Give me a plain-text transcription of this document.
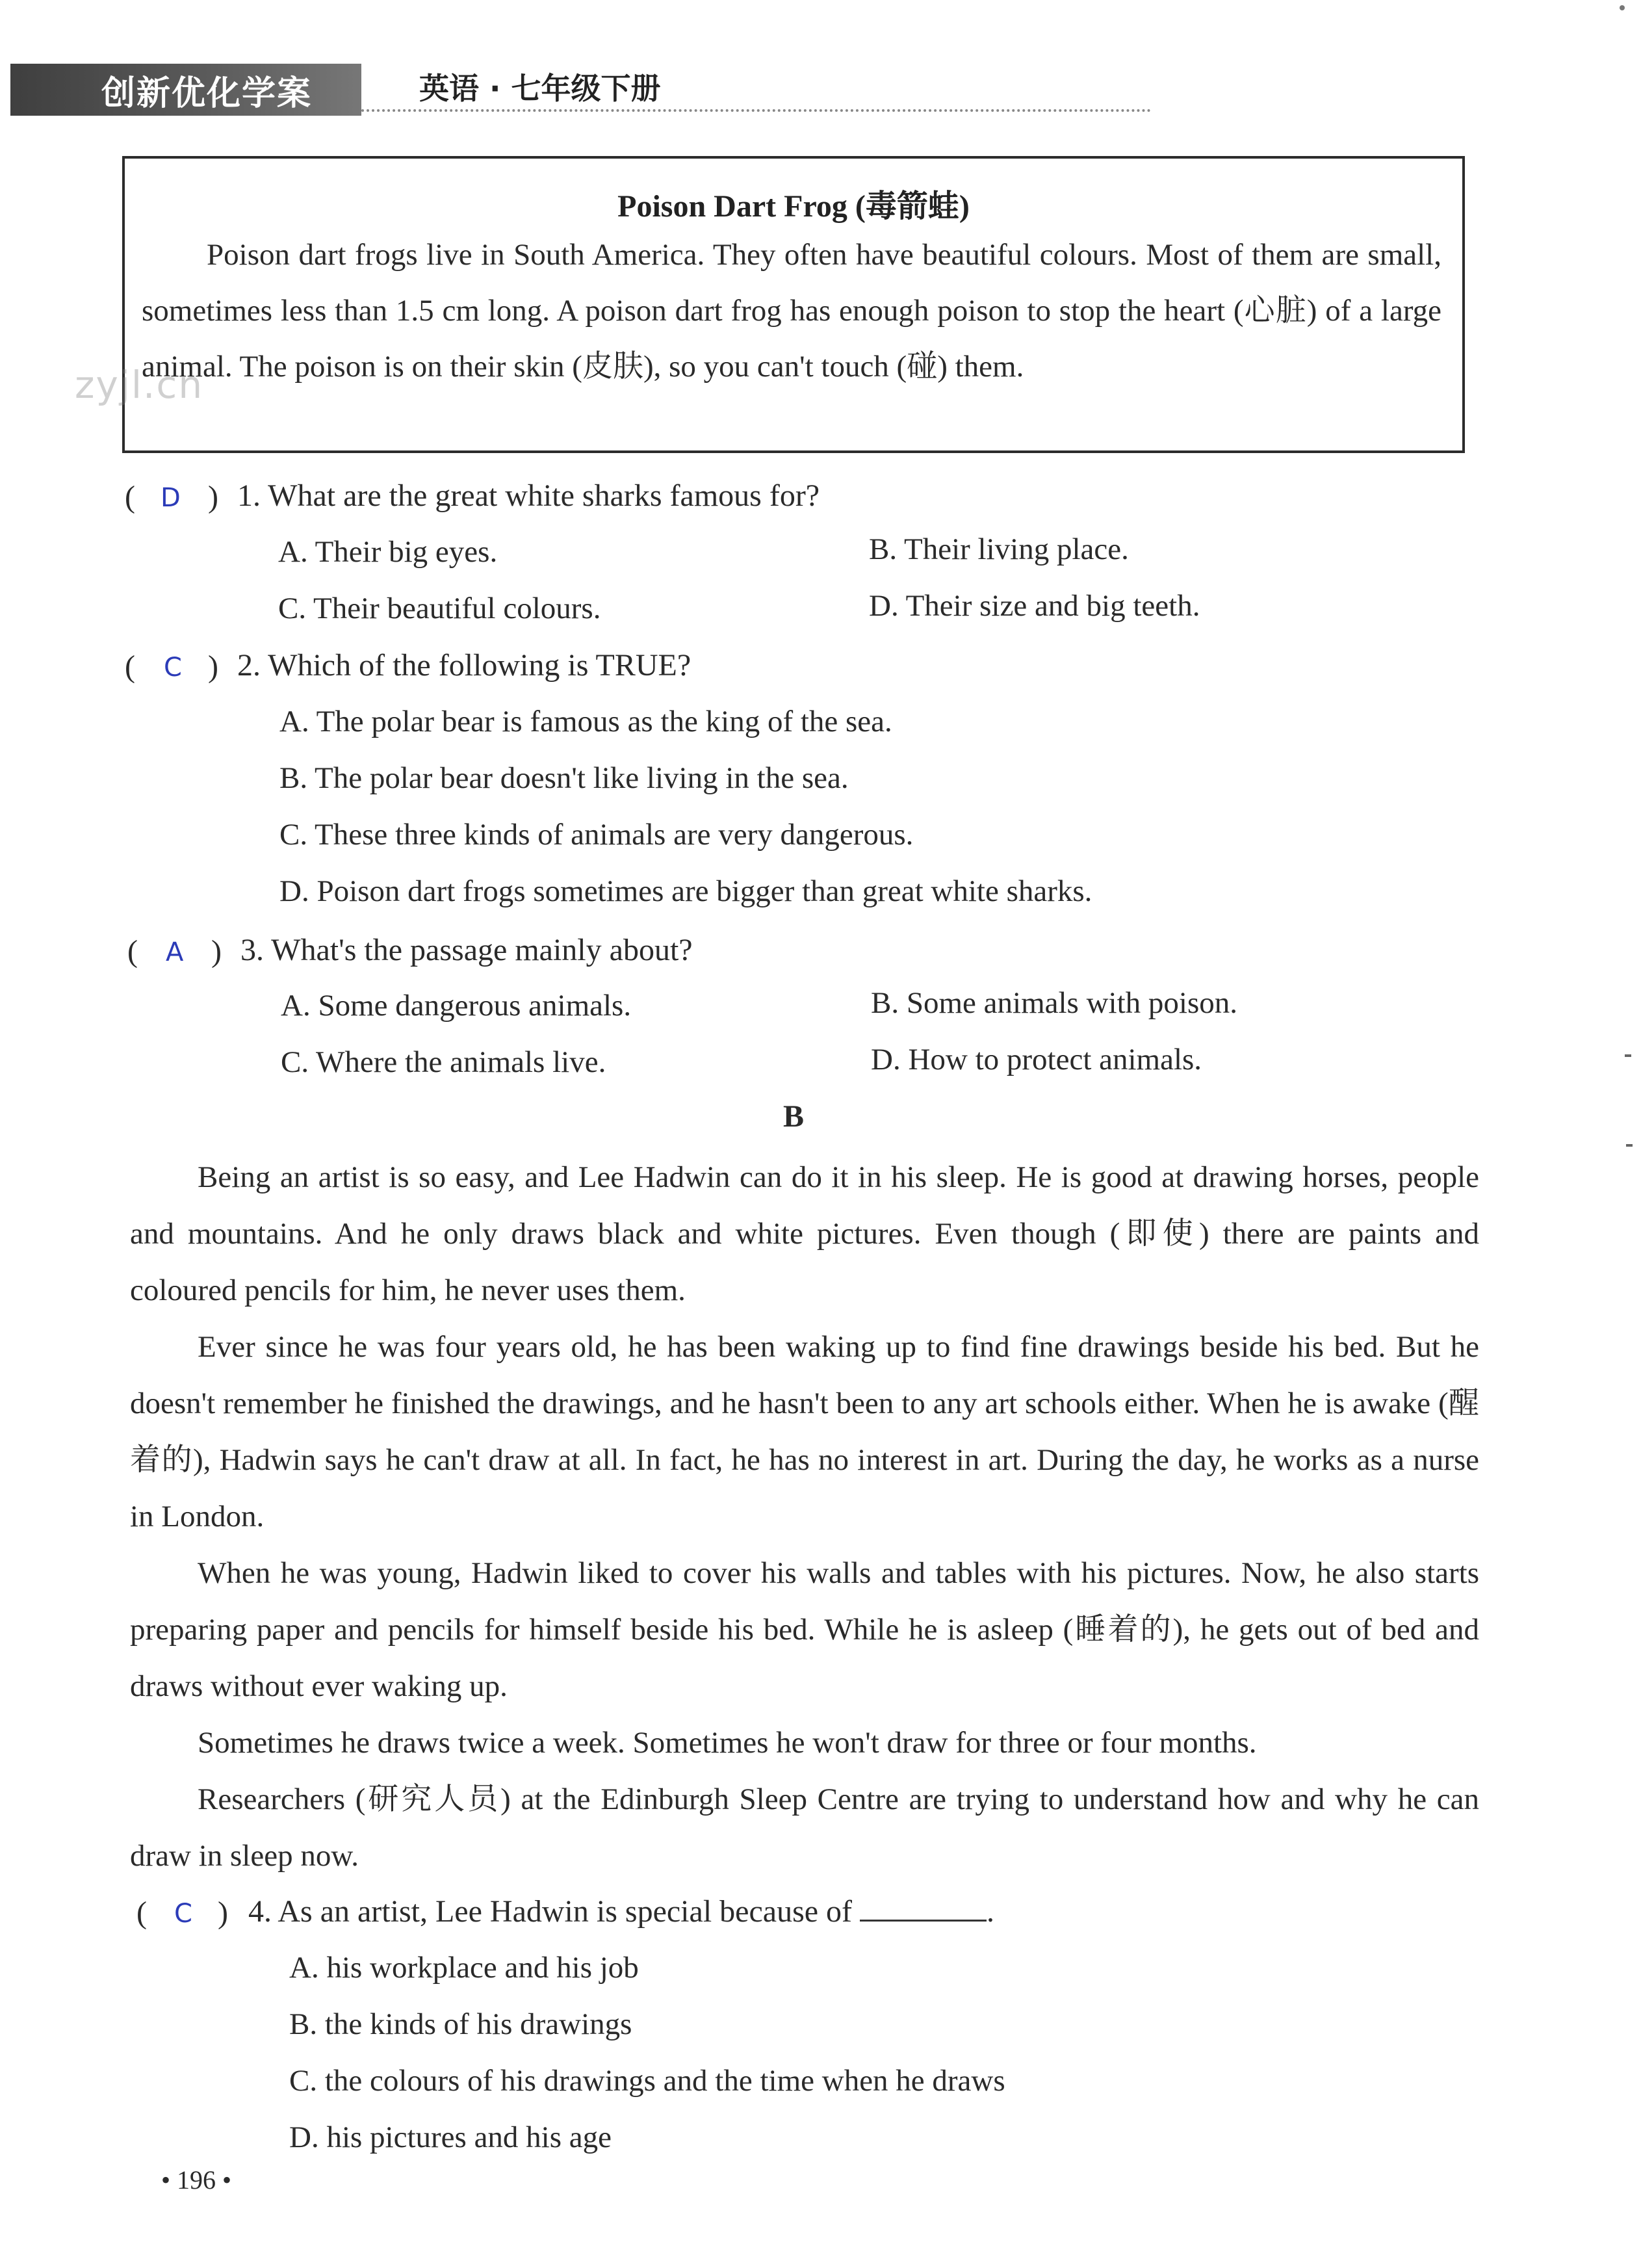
创新优化学案	英语 · 七年级下册
Poison Dart Frog (毒箭蛙)

Poison dart frogs live in South America. They often have beautiful colours. Most of them are small, sometimes less than 1.5 cm long. A poison dart frog has enough poison to stop the heart (心脏) of a large animal. The poison is on their skin (皮肤), so you can't touch (碰) them.

zyjl.cn
( D ) 1. What are the great white sharks famous for?
A. Their big eyes.	B. Their living place.
C. Their beautiful colours.	D. Their size and big teeth.
( C ) 2. Which of the following is TRUE?
A. The polar bear is famous as the king of the sea.
B. The polar bear doesn't like living in the sea.
C. These three kinds of animals are very dangerous.
D. Poison dart frogs sometimes are bigger than great white sharks.
( A ) 3. What's the passage mainly about?
A. Some dangerous animals.	B. Some animals with poison.
C. Where the animals live.	D. How to protect animals.
B

Being an artist is so easy, and Lee Hadwin can do it in his sleep. He is good at drawing horses, people and mountains. And he only draws black and white pictures. Even though (即使) there are paints and coloured pencils for him, he never uses them.

Ever since he was four years old, he has been waking up to find fine drawings beside his bed. But he doesn't remember he finished the drawings, and he hasn't been to any art schools either. When he is awake (醒着的), Hadwin says he can't draw at all. In fact, he has no interest in art. During the day, he works as a nurse in London.

When he was young, Hadwin liked to cover his walls and tables with his pictures. Now, he also starts preparing paper and pencils for himself beside his bed. While he is asleep (睡着的), he gets out of bed and draws without ever waking up.

Sometimes he draws twice a week. Sometimes he won't draw for three or four months.

Researchers (研究人员) at the Edinburgh Sleep Centre are trying to understand how and why he can draw in sleep now.

( C ) 4. As an artist, Lee Hadwin is special because of	.
A. his workplace and his job
B. the kinds of his drawings
C. the colours of his drawings and the time when he draws
D. his pictures and his age
• 196 •
